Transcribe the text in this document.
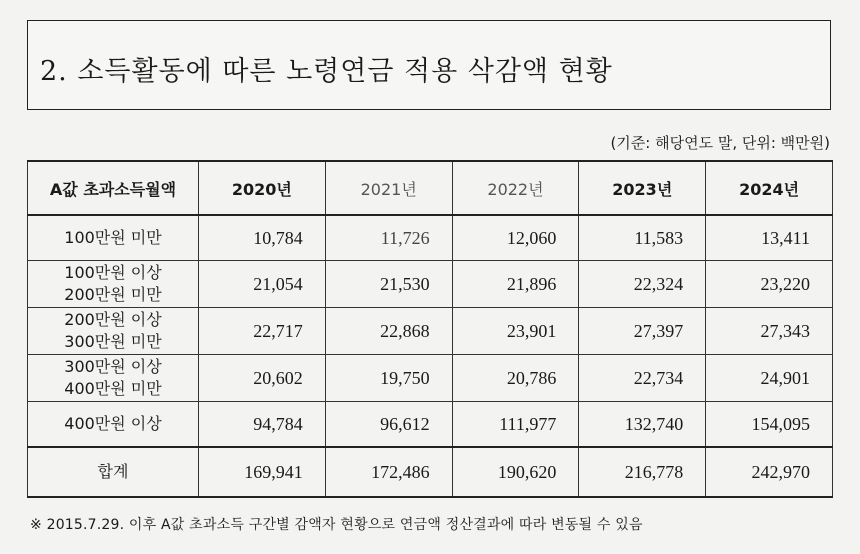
2. 소득활동에 따른 노령연금 적용 삭감액 현황
(기준: 해당연도 말, 단위: 백만원)
A값 초과소득월액	2020년	2021년	2022년	2023년	2024년
100만원 미만	10,784	11,726	12,060	11,583	13,411
100만원 이상
200만원 미만	21,054	21,530	21,896	22,324	23,220
200만원 이상
300만원 미만	22,717	22,868	23,901	27,397	27,343
300만원 이상
400만원 미만	20,602	19,750	20,786	22,734	24,901
400만원 이상	94,784	96,612	111,977	132,740	154,095
합계	169,941	172,486	190,620	216,778	242,970
※ 2015.7.29. 이후 A값 초과소득 구간별 감액자 현황으로 연금액 정산결과에 따라 변동될 수 있음
